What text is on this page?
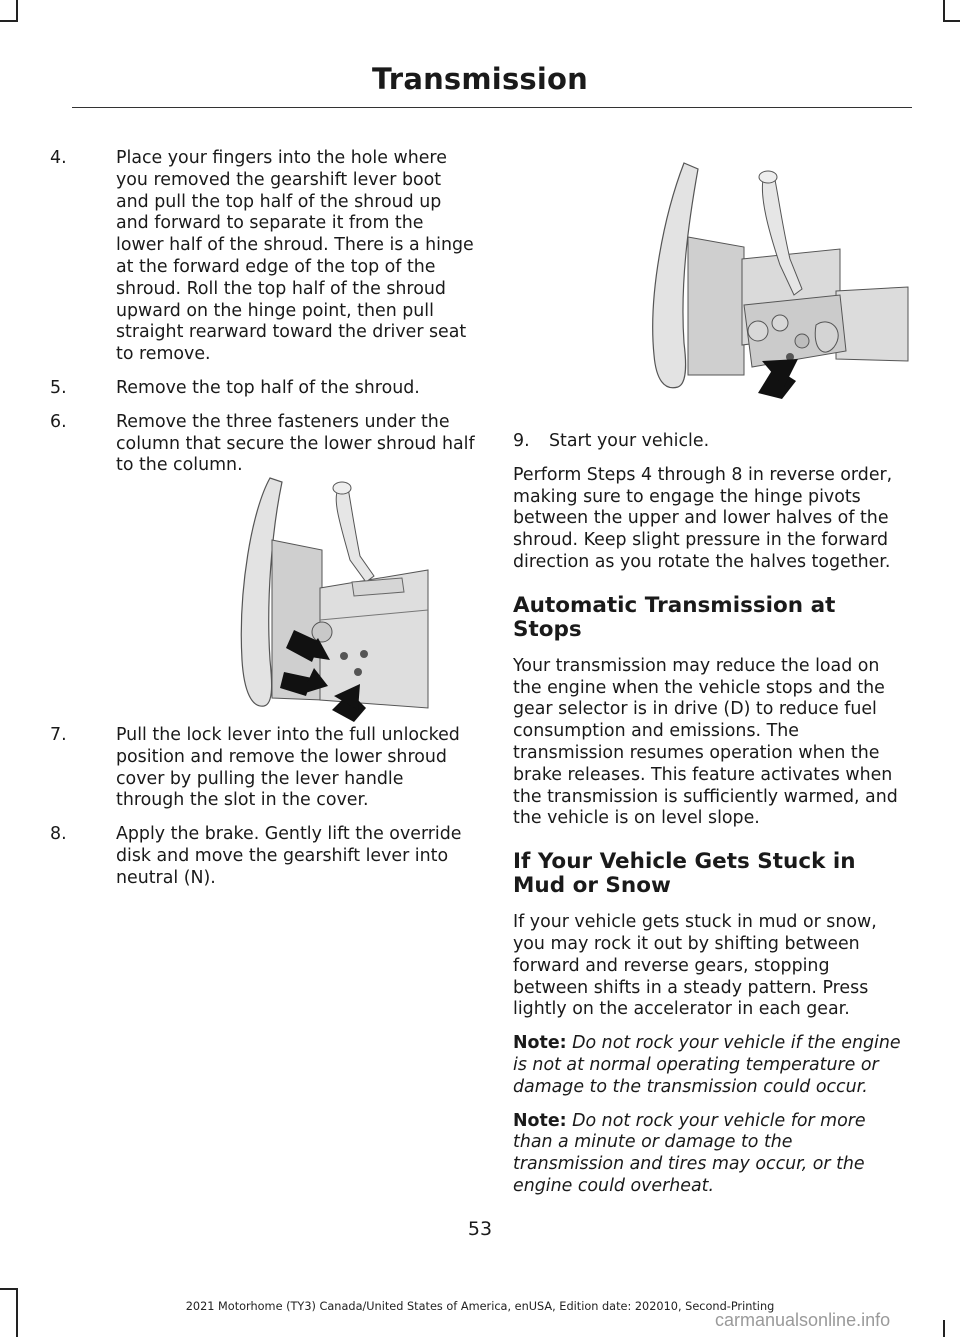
Transmission
4.	Place your fingers into the hole where you removed the gearshift lever boot and pull the top half of the shroud up and forward to separate it from the lower half of the shroud. There is a hinge at the forward edge of the top of the shroud. Roll the top half of the shroud upward on the hinge point, then pull straight rearward toward the driver seat to remove.
5.	Remove the top half of the shroud.
6.	Remove the three fasteners under the column that secure the lower shroud half to the column.
7.	Pull the lock lever into the full unlocked position and remove the lower shroud cover by pulling the lever handle through the slot in the cover.
8.	Apply the brake. Gently lift the override disk and move the gearshift lever into neutral (N).
9.	Start your vehicle.

Perform Steps 4 through 8 in reverse order, making sure to engage the hinge pivots between the upper and lower halves of the shroud. Keep slight pressure in the forward direction as you rotate the halves together.

Automatic Transmission at Stops

Your transmission may reduce the load on the engine when the vehicle stops and the gear selector is in drive (D) to reduce fuel consumption and emissions. The transmission resumes operation when the brake releases. This feature activates when the transmission is sufficiently warmed, and the vehicle is on level slope.

If Your Vehicle Gets Stuck in Mud or Snow

If your vehicle gets stuck in mud or snow, you may rock it out by shifting between forward and reverse gears, stopping between shifts in a steady pattern. Press lightly on the accelerator in each gear.

Note: Do not rock your vehicle if the engine is not at normal operating temperature or damage to the transmission could occur.

Note: Do not rock your vehicle for more than a minute or damage to the transmission and tires may occur, or the engine could overheat.

53
2021 Motorhome (TY3) Canada/United States of America, enUSA, Edition date: 202010, Second-Printing
carmanualsonline.info
